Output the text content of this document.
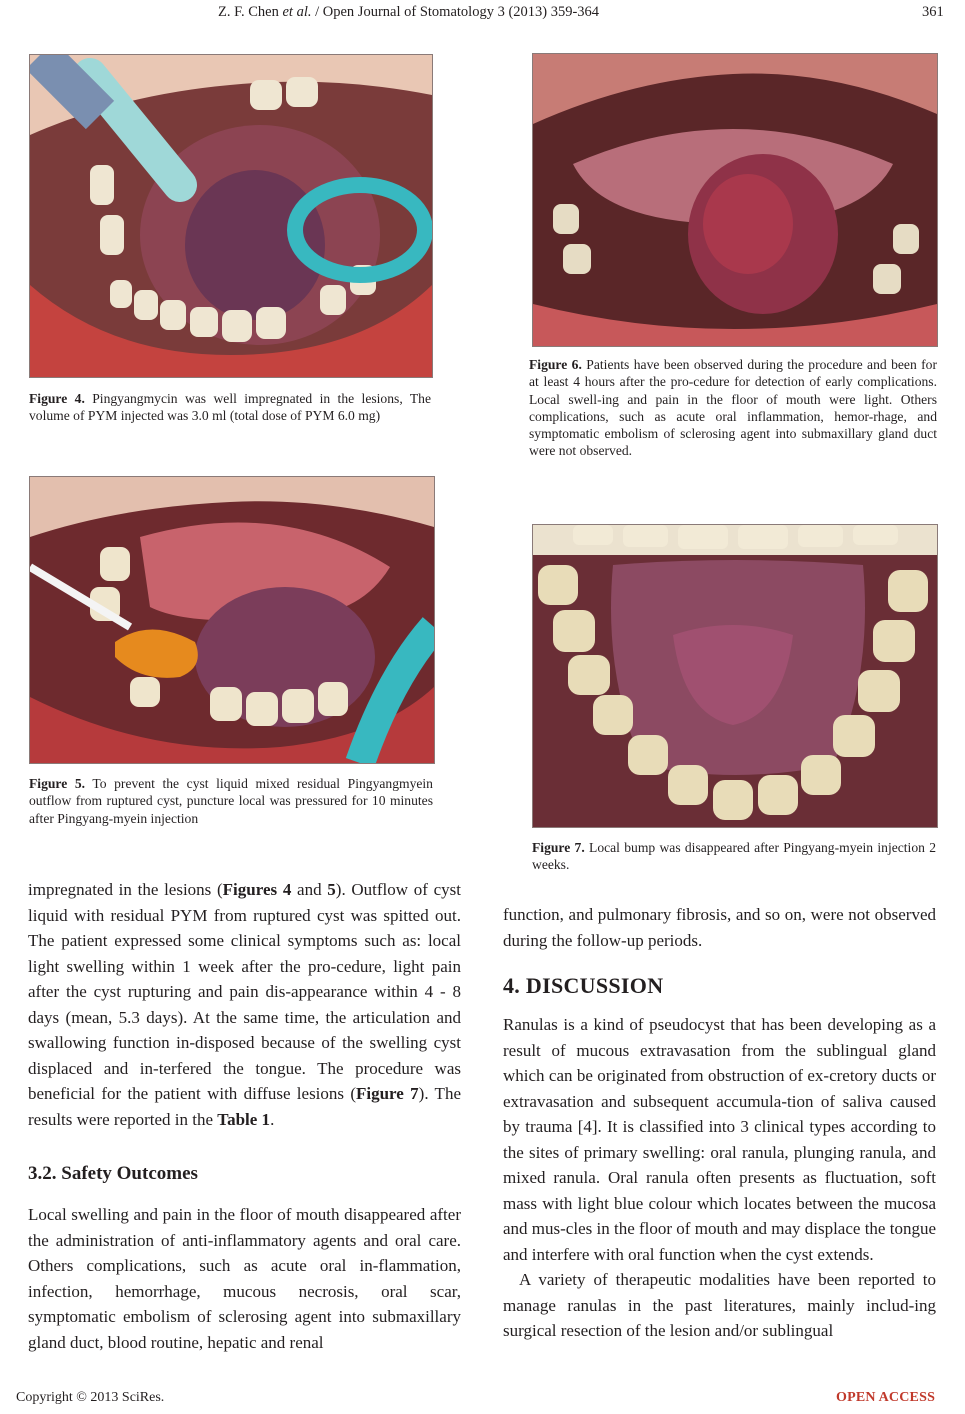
Z. F. Chen et al. / Open Journal of Stomatology 3 (2013) 359-364	361
Figure 4. Pingyangmycin was well impregnated in the lesions, The volume of PYM injected was 3.0 ml (total dose of PYM 6.0 mg)
Figure 5. To prevent the cyst liquid mixed residual Pingyangmyein outflow from ruptured cyst, puncture local was pressured for 10 minutes after Pingyang-myein injection
Figure 6. Patients have been observed during the procedure and been for at least 4 hours after the pro-cedure for detection of early complications. Local swell-ing and pain in the floor of mouth were light. Others complications, such as acute oral inflammation, hemor-rhage, and symptomatic embolism of sclerosing agent into submaxillary gland duct were not observed.
Figure 7. Local bump was disappeared after Pingyang-myein injection 2 weeks.

impregnated in the lesions (Figures 4 and 5). Outflow of cyst liquid with residual PYM from ruptured cyst was spitted out. The patient expressed some clinical symptoms such as: local light swelling within 1 week after the pro-cedure, light pain after the cyst rupturing and pain dis-appearance within 4 - 8 days (mean, 5.3 days). At the same time, the articulation and swallowing function in-disposed because of the swelling cyst displaced and in-terfered the tongue. The procedure was beneficial for the patient with diffuse lesions (Figure 7). The results were reported in the Table 1.

3.2. Safety Outcomes

Local swelling and pain in the floor of mouth disappeared after the administration of anti-inflammatory agents and oral care. Others complications, such as acute oral in-flammation, infection, hemorrhage, mucous necrosis, oral scar, symptomatic embolism of sclerosing agent into submaxillary gland duct, blood routine, hepatic and renal

function, and pulmonary fibrosis, and so on, were not observed during the follow-up periods.

4. DISCUSSION

Ranulas is a kind of pseudocyst that has been developing as a result of mucous extravasation from the sublingual gland which can be originated from obstruction of ex-cretory ducts or extravasation and subsequent accumula-tion of saliva caused by trauma [4]. It is classified into 3 clinical types according to the sites of primary swelling: oral ranula, plunging ranula, and mixed ranula. Oral ranula often presents as fluctuation, soft mass with light blue colour which locates between the mucosa and mus-cles in the floor of mouth and may displace the tongue and interfere with oral function when the cyst extends.

A variety of therapeutic modalities have been reported to manage ranulas in the past literatures, mainly includ-ing surgical resection of the lesion and/or sublingual

Copyright © 2013 SciRes.	OPEN ACCESS
